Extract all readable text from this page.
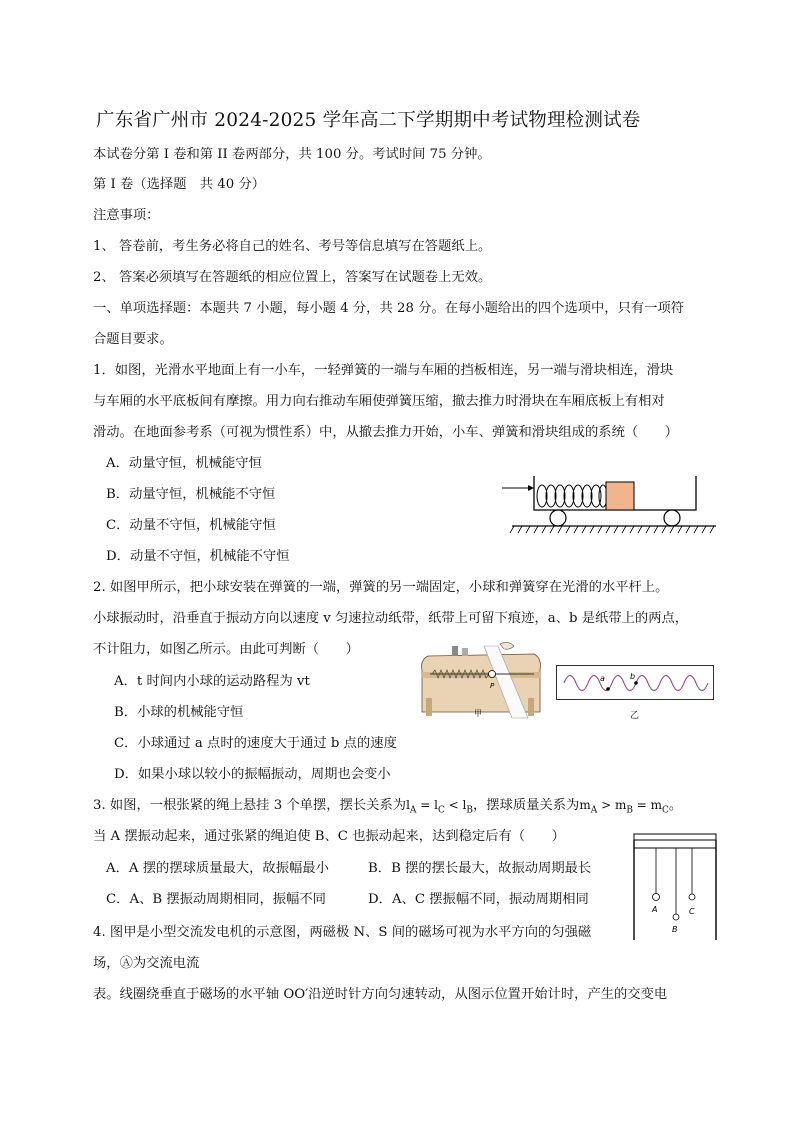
广东省广州市 2024-2025 学年高二下学期期中考试物理检测试卷
本试卷分第 I 卷和第 II 卷两部分，共 100 分。考试时间 75 分钟。
第 I 卷（选择题　共 40 分）
注意事项：
1、 答卷前，考生务必将自己的姓名、考号等信息填写在答题纸上。
2、 答案必须填写在答题纸的相应位置上，答案写在试题卷上无效。
一、单项选择题：本题共 7 小题，每小题 4 分，共 28 分。在每小题给出的四个选项中，只有一项符
合题目要求。
1．如图，光滑水平地面上有一小车，一轻弹簧的一端与车厢的挡板相连，另一端与滑块相连，滑块
与车厢的水平底板间有摩擦。用力向右推动车厢使弹簧压缩，撤去推力时滑块在车厢底板上有相对
滑动。在地面参考系（可视为惯性系）中，从撤去推力开始，小车、弹簧和滑块组成的系统（　　）
A．动量守恒，机械能守恒
B．动量守恒，机械能不守恒
C．动量不守恒，机械能守恒
D．动量不守恒，机械能不守恒
2. 如图甲所示，把小球安装在弹簧的一端，弹簧的另一端固定，小球和弹簧穿在光滑的水平杆上。
小球振动时，沿垂直于振动方向以速度 v 匀速拉动纸带，纸带上可留下痕迹，a、b 是纸带上的两点，
不计阻力，如图乙所示。由此可判断（　　）
A．t 时间内小球的运动路程为 vt
B．小球的机械能守恒
C．小球通过 a 点时的速度大于通过 b 点的速度
D．如果小球以较小的振幅振动，周期也会变小
P
甲
a	b
乙
3. 如图，一根张紧的绳上悬挂 3 个单摆，摆长关系为$l_A = l_C < l_B$，摆球质量关系为$m_A > m_B = m_C$。
当 A 摆振动起来，通过张紧的绳迫使 B、C 也振动起来，达到稳定后有（　　）
A．A 摆的摆球质量最大，故振幅最小	B．B 摆的摆长最大，故振动周期最长
C．A、B 摆振动周期相同，振幅不同	D．A、C 摆振幅不同，振动周期相同
A
B
C
4. 图甲是小型交流发电机的示意图，两磁极 N、S 间的磁场可视为水平方向的匀强磁
场，Ⓐ为交流电流
表。线圈绕垂直于磁场的水平轴 OO′沿逆时针方向匀速转动，从图示位置开始计时，产生的交变电
